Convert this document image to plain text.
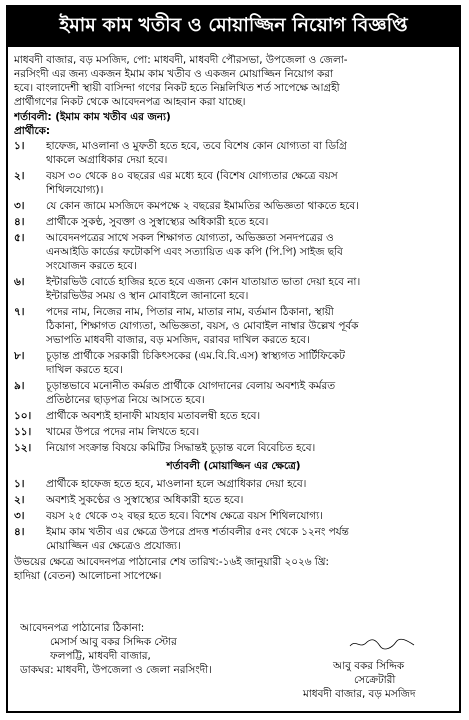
ইমাম কাম খতীব ও মোয়াজ্জিন নিয়োগ বিজ্ঞপ্তি
মাধবদী বাজার, বড় মসজিদ, পো: মাধবদী, মাধবদী পৌরসভা, উপজেলা ও জেলা-
নরসিংদী এর জন্য একজন ইমাম কাম খতীব ও একজন মোয়াজ্জিন নিয়োগ করা
হবে। বাংলাদেশী স্থায়ী বাসিন্দা গণের নিকট হতে নিম্নলিখিত শর্ত সাপেক্ষে আগ্রহী
প্রার্থীগণের নিকট থেকে আবেদনপত্র আহবান করা যাচ্ছে।
শর্তাবলী: (ইমাম কাম খতীব এর জন্য)
প্রার্থীকে:
১।	হাফেজ, মাওলানা ও মুফতী হতে হবে, তবে বিশেষ কোন যোগ্যতা বা ডিগ্রি
থাকলে অগ্রাধিকার দেয়া হবে।
২।	বয়স ৩০ থেকে ৪০ বছরের এর মধ্যে হবে (বিশেষ যোগ্যতার ক্ষেত্রে বয়স
শিথিলযোগ্য)।
৩।	যে কোন জামে মসজিদে কমপক্ষে ২ বছরের ইমামতির অভিজ্ঞতা থাকতে হবে।
৪।	প্রার্থীকে সুকণ্ঠ, সুবক্তা ও সুস্বাস্থ্যের অধিকারী হতে হবে।
৫।	আবেদনপত্রের সাথে সকল শিক্ষাগত যোগ্যতা, অভিজ্ঞতা সনদপত্রের ও
এনআইডি কার্ডের ফটোকপি এবং সত্যায়িত এক কপি (পি.পি) সাইজ ছবি
সংযোজন করতে হবে।
৬।	ইন্টারভিউ বোর্ডে হাজির হতে হবে এজন্য কোন যাতায়াত ভাতা দেয়া হবে না।
ইন্টারভিউর সময় ও স্থান মোবাইলে জানানো হবে।
৭।	পদের নাম, নিজের নাম, পিতার নাম, মাতার নাম, বর্তমান ঠিকানা, স্থায়ী
ঠিকানা, শিক্ষাগত যোগ্যতা, অভিজ্ঞতা, বয়স, ও মোবাইল নাম্বার উল্লেখ পূর্বক
সভাপতি মাধবদী বাজার, বড় মসজিদ, বরাবর দাখিল করতে হবে।
৮।	চূড়ান্ত প্রার্থীকে সরকারী চিকিৎসকের (এম.বি.বি.এস) স্বাস্থ্যগত সার্টিফিকেট
দাখিল করতে হবে।
৯।	চূড়ান্তভাবে মনোনীত কর্মরত প্রার্থীকে যোগদানের বেলায় অবশ্যই কর্মরত
প্রতিষ্ঠানের ছাড়পত্র নিয়ে আসতে হবে।
১০।	প্রার্থীকে অবশ্যই হানাফী মাযহাব মতাবলম্বী হতে হবে।
১১।	খামের উপরে পদের নাম লিখতে হবে।
১২।	নিয়োগ সংক্রান্ত বিষয়ে কমিটির সিদ্ধান্তই চূড়ান্ত বলে বিবেচিত হবে।
শর্তাবলী (মোয়াজ্জিন এর ক্ষেত্রে)
১।	প্রার্থীকে হাফেজ হতে হবে, মাওলানা হলে অগ্রাধিকার দেয়া হবে।
২।	অবশ্যই সুকণ্ঠের ও সুস্বাস্থ্যের অধিকারী হতে হবে।
৩।	বয়স ২৫ থেকে ৩২ বছর হতে হবে। বিশেষ ক্ষেত্রে বয়স শিথিলযোগ্য।
৪।	ইমাম কাম খতীব এর ক্ষেত্রে উপরে প্রদত্ত শর্তাবলীর ৫নং থেকে ১২নং পর্যন্ত
মোয়াজ্জিন এর ক্ষেত্রেও প্রযোজ্য।
উভয়ের ক্ষেত্রে আবেদনপত্র পাঠানোর শেষ তারিখ:-১৬ই জানুয়ারী ২০২৬ খ্রি:
হাদিয়া (বেতন) আলোচনা সাপেক্ষে।
আবেদনপত্র পাঠানোর ঠিকানা:
মেসার্স আবু বকর সিদ্দিক স্টোর
ফলপট্টি, মাধবদী বাজার,
ডাকঘর: মাধবদী, উপজেলা ও জেলা নরসিংদী।	আবু বকর সিদ্দিক
সেক্রেটারী
মাধবদী বাজার, বড় মসজিদ
